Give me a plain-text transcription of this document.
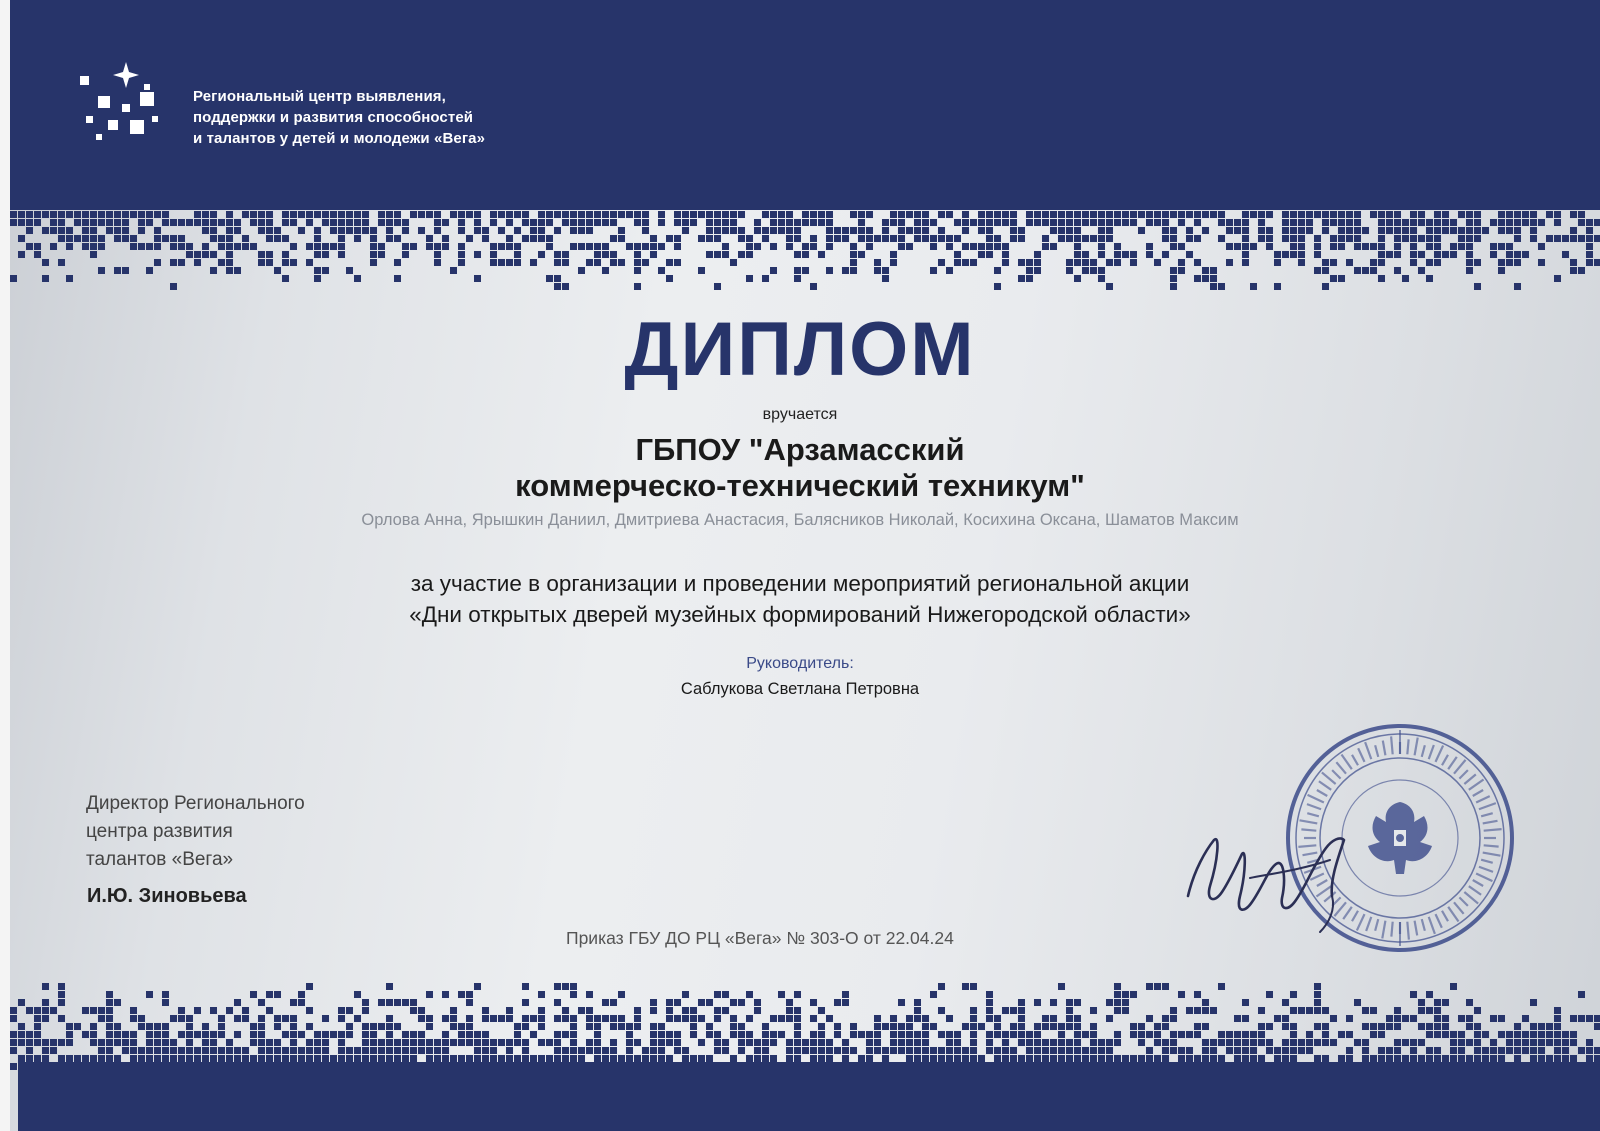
Региональный центр выявления,
поддержки и развития способностей
и талантов у детей и молодежи «Вега»
ДИПЛОМ
вручается
ГБПОУ "Арзамасский
коммерческо-технический техникум"
Орлова Анна, Ярышкин Даниил, Дмитриева Анастасия, Балясников Николай, Косихина Оксана, Шаматов Максим
за участие в организации и проведении мероприятий региональной акции
«Дни открытых дверей музейных формирований Нижегородской области»
Руководитель:
Саблукова Светлана Петровна
Директор Регионального
центра развития
талантов «Вега»
И.Ю. Зиновьева
Приказ ГБУ ДО РЦ «Вега» № 303-О от 22.04.24
